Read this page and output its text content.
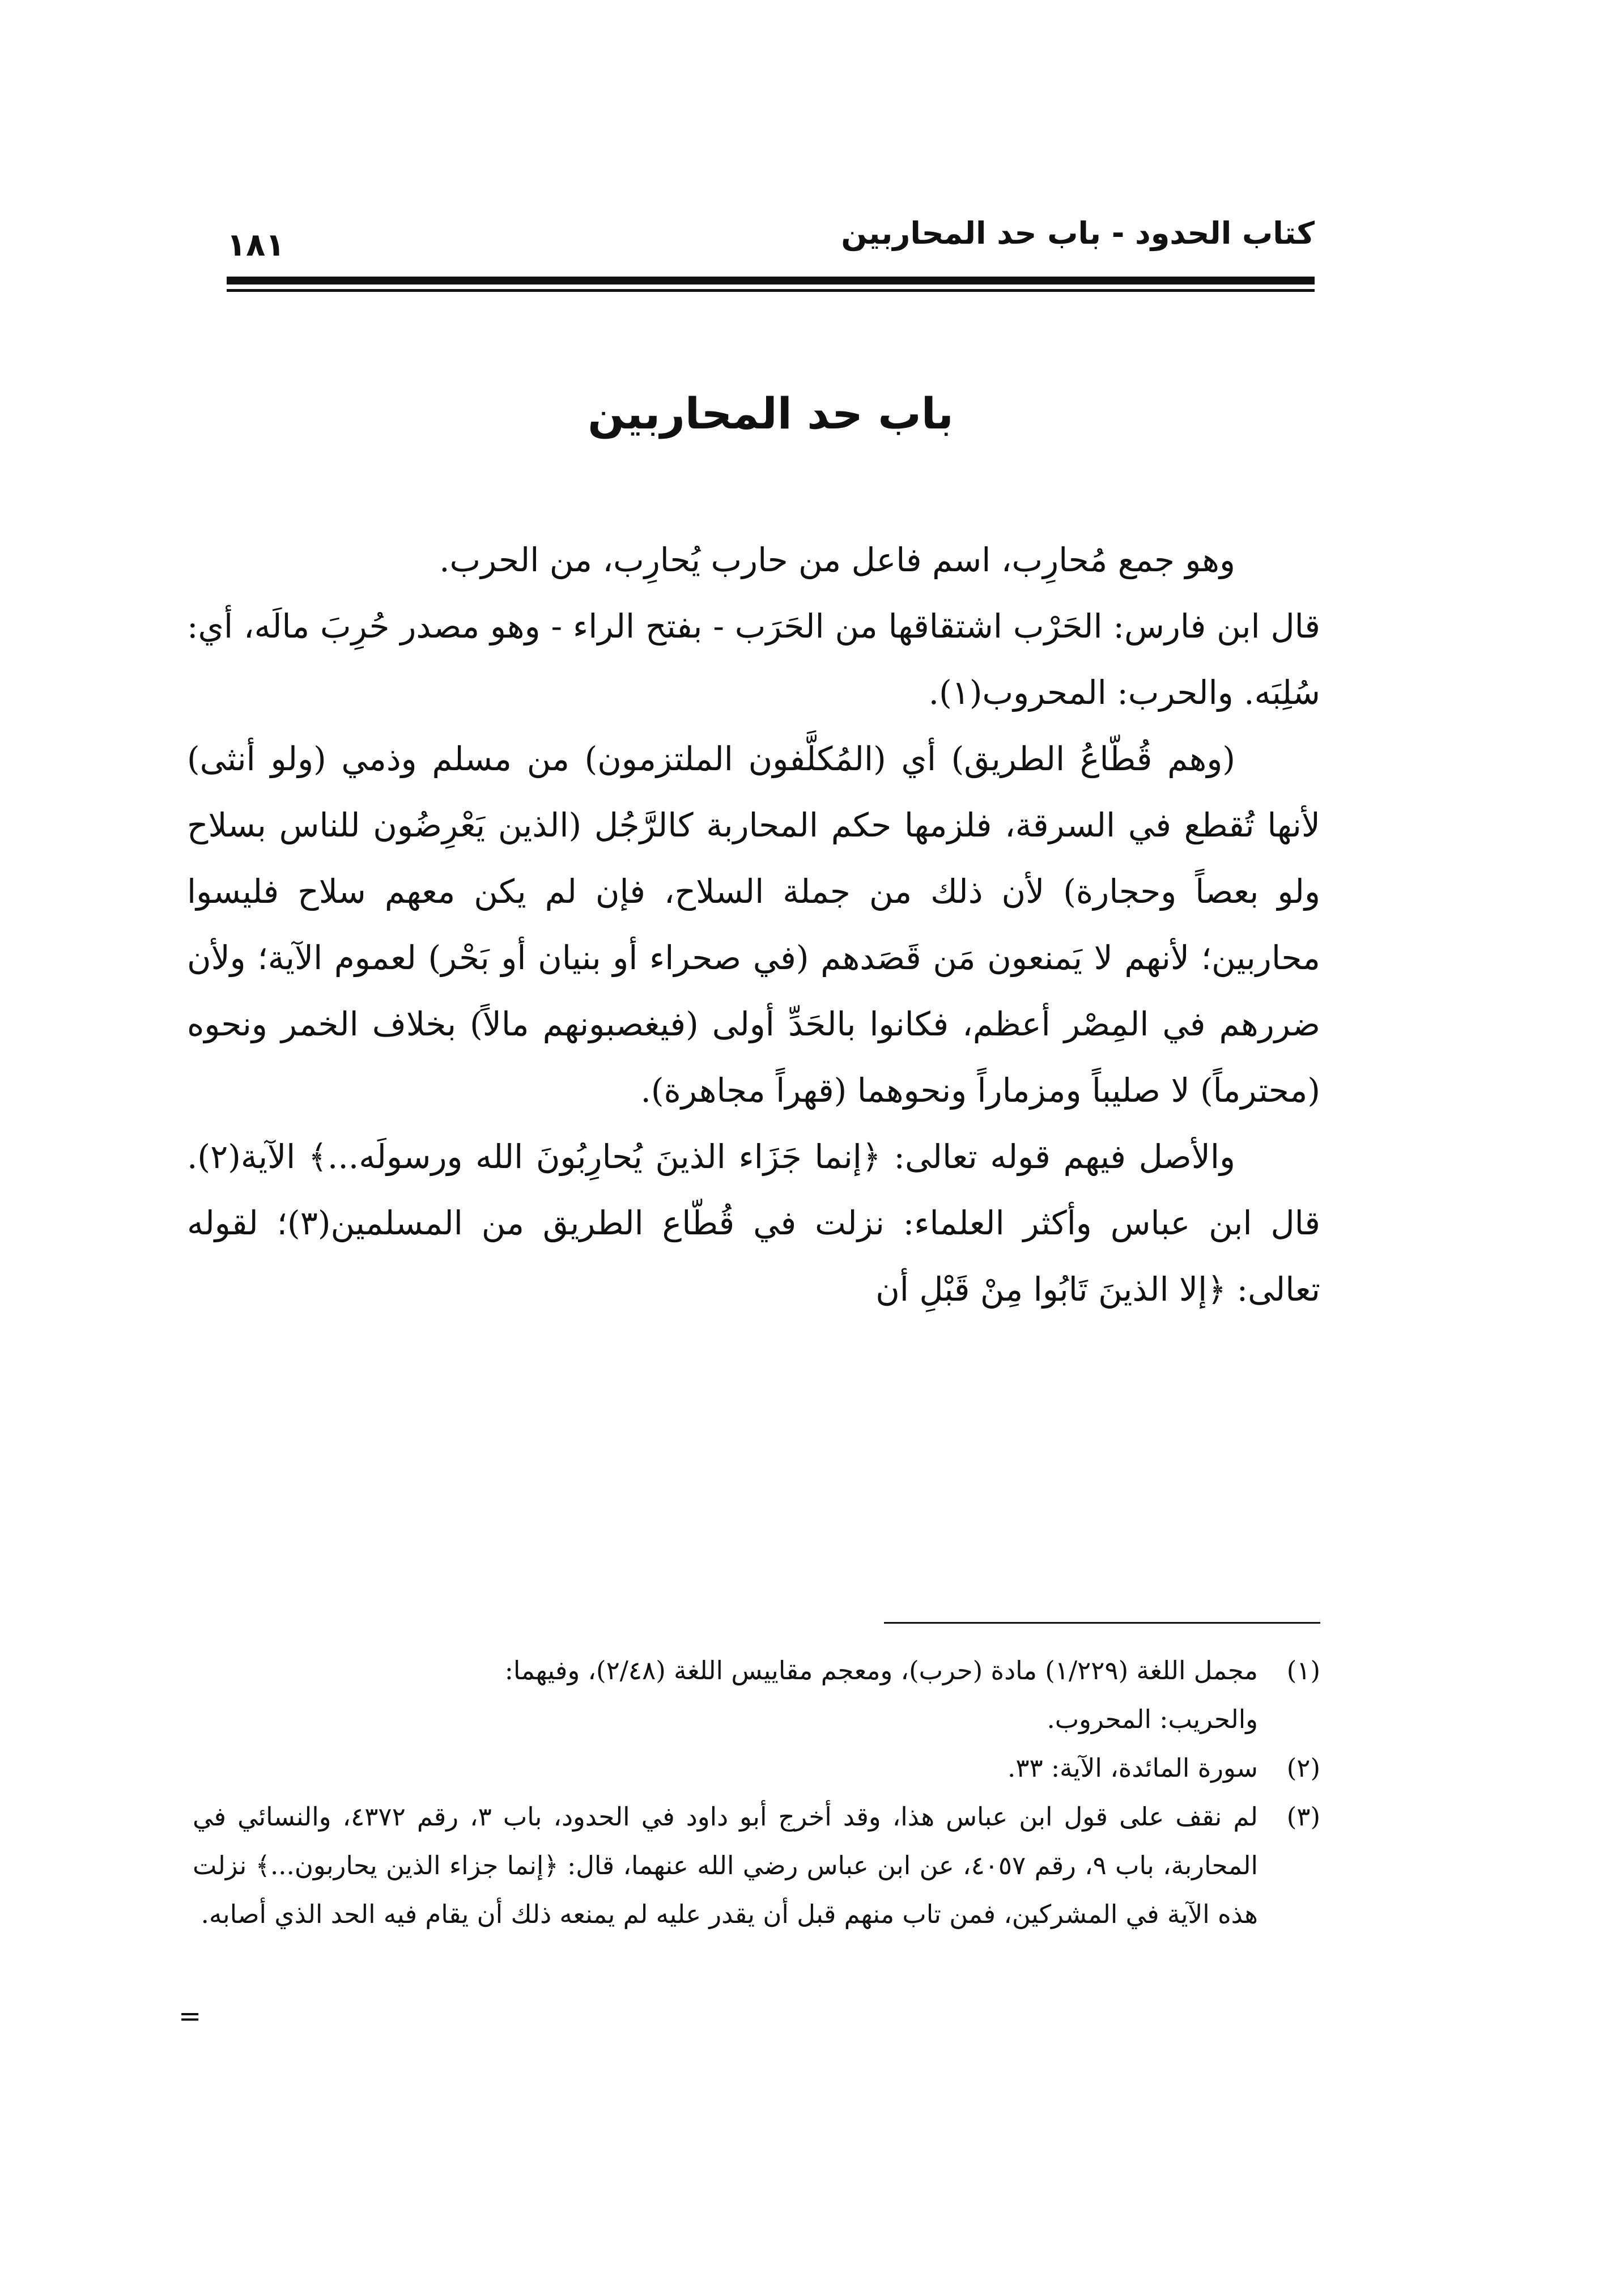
كتاب الحدود - باب حد المحاربين
١٨١
باب حد المحاربين

وهو جمع مُحارِب، اسم فاعل من حارب يُحارِب، من الحرب.

قال ابن فارس: الحَرْب اشتقاقها من الحَرَب - بفتح الراء - وهو مصدر حُرِبَ مالَه، أي: سُلِبَه. والحرب: المحروب(١).

(وهم قُطّاعُ الطريق) أي (المُكلَّفون الملتزمون) من مسلم وذمي (ولو أنثى) لأنها تُقطع في السرقة، فلزمها حكم المحاربة كالرَّجُل (الذين يَعْرِضُون للناس بسلاح ولو بعصاً وحجارة) لأن ذلك من جملة السلاح، فإن لم يكن معهم سلاح فليسوا محاربين؛ لأنهم لا يَمنعون مَن قَصَدهم (في صحراء أو بنيان أو بَحْر) لعموم الآية؛ ولأن ضررهم في المِصْر أعظم، فكانوا بالحَدِّ أولى (فيغصبونهم مالاً) بخلاف الخمر ونحوه (محترماً) لا صليباً ومزماراً ونحوهما (قهراً مجاهرة).

والأصل فيهم قوله تعالى: ﴿إنما جَزَاء الذينَ يُحارِبُونَ الله ورسولَه...﴾ الآية(٢). قال ابن عباس وأكثر العلماء: نزلت في قُطّاع الطريق من المسلمين(٣)؛ لقوله تعالى: ﴿إلا الذينَ تَابُوا مِنْ قَبْلِ أن

(١)
مجمل اللغة (١/٢٢٩) مادة (حرب)، ومعجم مقاييس اللغة (٢/٤٨)، وفيهما:
والحريب: المحروب.
(٢)
سورة المائدة، الآية: ٣٣.
(٣)
لم نقف على قول ابن عباس هذا، وقد أخرج أبو داود في الحدود، باب ٣، رقم ٤٣٧٢، والنسائي في المحاربة، باب ٩، رقم ٤٠٥٧، عن ابن عباس رضي الله عنهما، قال: ﴿إنما جزاء الذين يحاربون...﴾ نزلت هذه الآية في المشركين، فمن تاب منهم قبل أن يقدر عليه لم يمنعه ذلك أن يقام فيه الحد الذي أصابه.
=
